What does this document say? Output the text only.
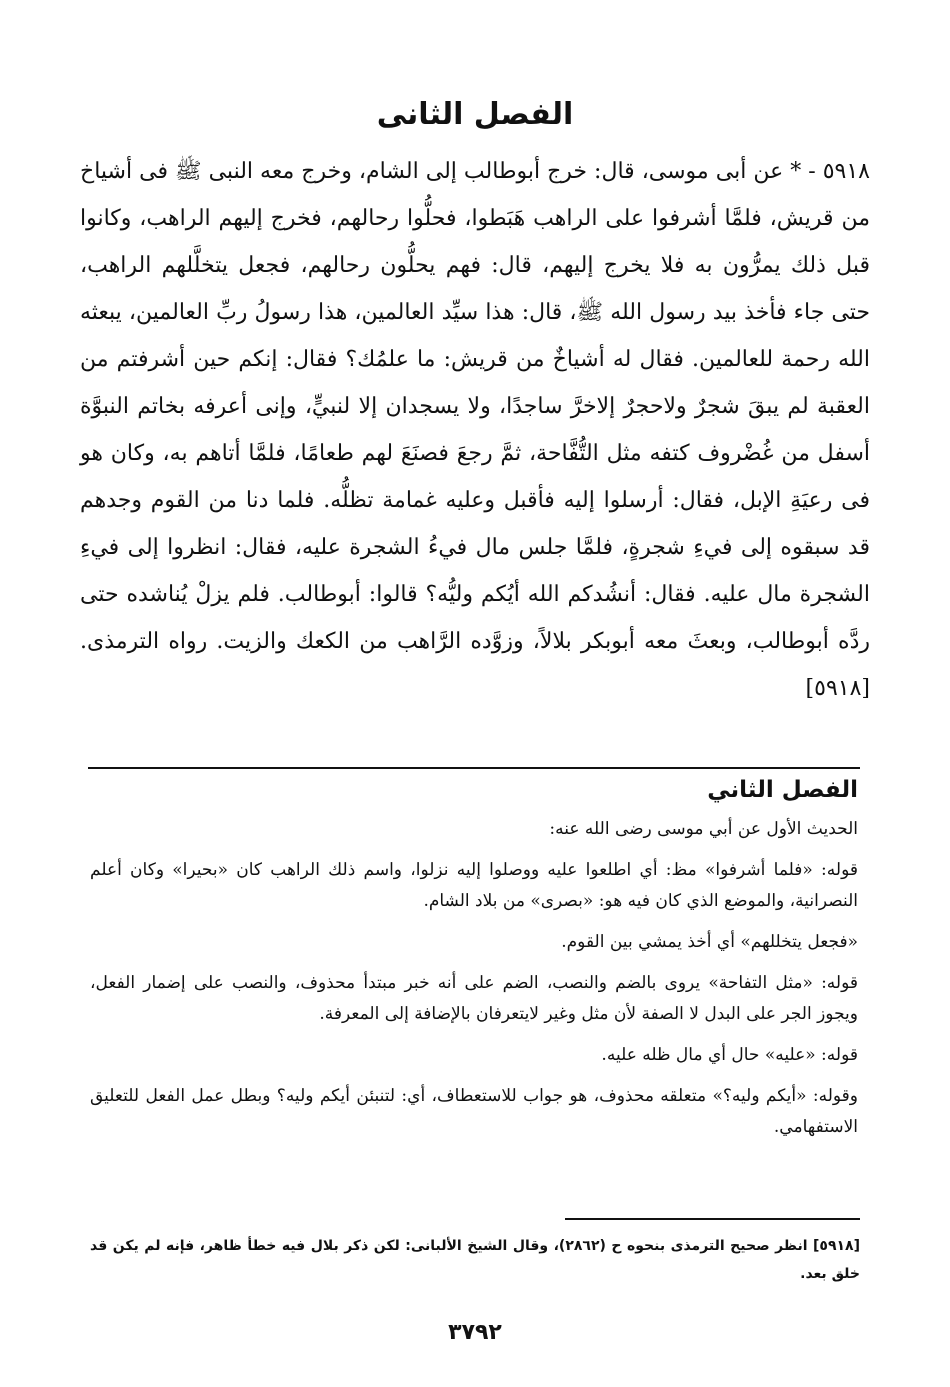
الفصل الثانى

٥٩١٨ - * عن أبى موسى، قال: خرج أبوطالب إلى الشام، وخرج معه النبى ﷺ فى أشياخ من قريش، فلمَّا أشرفوا على الراهب هَبَطوا، فحلُّوا رحالهم، فخرج إليهم الراهب، وكانوا قبل ذلك يمرُّون به فلا يخرج إليهم، قال: فهم يحلُّون رحالهم، فجعل يتخلَّلهم الراهب، حتى جاء فأخذ بيد رسول الله ﷺ، قال: هذا سيِّد العالمين، هذا رسولُ ربِّ العالمين، يبعثه الله رحمة للعالمين. فقال له أشياخٌ من قريش: ما علمُك؟ فقال: إنكم حين أشرفتم من العقبة لم يبقَ شجرٌ ولاحجرٌ إلاخرَّ ساجدًا، ولا يسجدان إلا لنبيٍّ، وإنى أعرفه بخاتم النبوَّة أسفل من غُضْروف كتفه مثل التُّفَّاحة، ثمَّ رجعَ فصنَعَ لهم طعامًا، فلمَّا أتاهم به، وكان هو فى رعيَةِ الإبل، فقال: أرسلوا إليه فأقبل وعليه غمامة تظلُّه. فلما دنا من القوم وجدهم قد سبقوه إلى فيءِ شجرةٍ، فلمَّا جلس مال فيءُ الشجرة عليه، فقال: انظروا إلى فيءِ الشجرة مال عليه. فقال: أنشُدكم الله أيُكم وليُّه؟ قالوا: أبوطالب. فلم يزلْ يُناشده حتى ردَّه أبوطالب، وبعثَ معه أبوبكر بلالاً، وزوَّده الرَّاهب من الكعك والزيت. رواه الترمذى. [٥٩١٨]

الفصل الثاني

الحديث الأول عن أبي موسى رضى الله عنه:

قوله: «فلما أشرفوا» مظ: أي اطلعوا عليه ووصلوا إليه نزلوا، واسم ذلك الراهب كان «بحيرا» وكان أعلم النصرانية، والموضع الذي كان فيه هو: «بصرى» من بلاد الشام.

«فجعل يتخللهم» أي أخذ يمشي بين القوم.

قوله: «مثل التفاحة» يروى بالضم والنصب، الضم على أنه خبر مبتدأ محذوف، والنصب على إضمار الفعل، ويجوز الجر على البدل لا الصفة لأن مثل وغير لايتعرفان بالإضافة إلى المعرفة.

قوله: «عليه» حال أي مال ظله عليه.

وقوله: «أيكم وليه؟» متعلقه محذوف، هو جواب للاستعطاف، أي: لتنبئن أيكم وليه؟ وبطل عمل الفعل للتعليق الاستفهامي.

[٥٩١٨] انظر صحيح الترمذى بنحوه ح (٢٨٦٢)، وقال الشيخ الألبانى: لكن ذكر بلال فيه خطأ ظاهر، فإنه لم يكن قد خلق بعد.

٣٧٩٢
